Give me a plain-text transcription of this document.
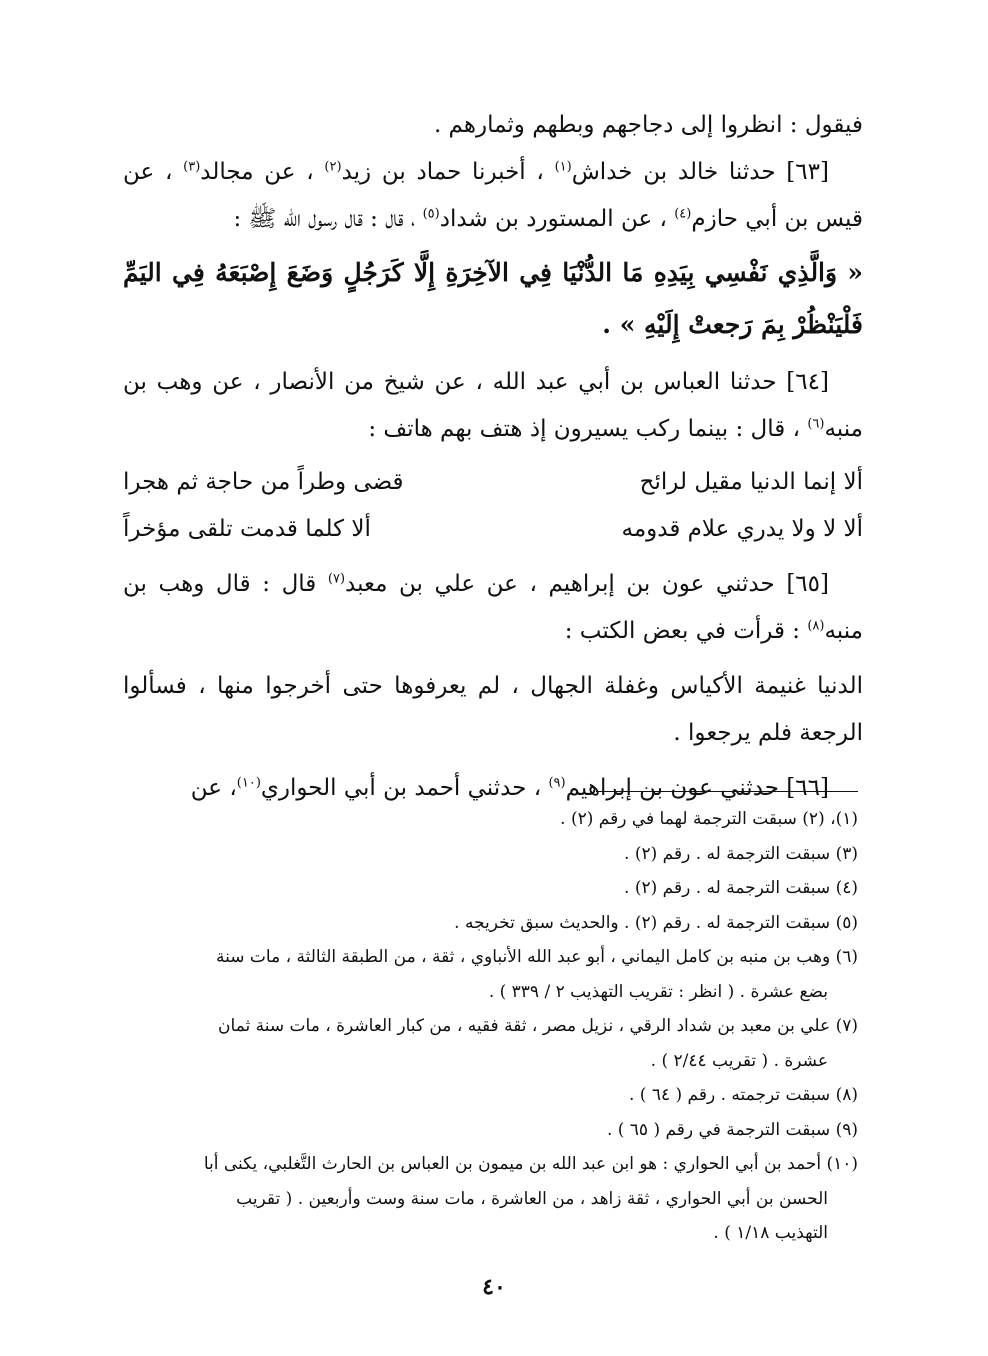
فيقول : انظروا إلى دجاجهم وبطهم وثمارهم .

[٦٣] حدثنا خالد بن خداش$^{(١)}$ ، أخبرنا حماد بن زيد$^{(٢)}$ ، عن مجالد$^{(٣)}$ ، عن قيس بن أبي حازم$^{(٤)}$ ، عن المستورد بن شداد$^{(٥)}$ ، قال : قال رسول الله ﷺ :

« وَالَّذِي نَفْسِي بِيَدِهِ مَا الدُّنْيَا فِي الآخِرَةِ إِلَّا كَرَجُلٍ وَضَعَ إِصْبَعَهُ فِي اليَمِّ فَلْيَنْظُرْ بِمَ رَجعتْ إِلَيْهِ » .

[٦٤] حدثنا العباس بن أبي عبد الله ، عن شيخ من الأنصار ، عن وهب بن منبه$^{(٦)}$ ، قال : بينما ركب يسيرون إذ هتف بهم هاتف :

ألا إنما الدنيا مقيل لرائح
قضى وطراً من حاجة ثم هجرا
ألا لا ولا يدري علام قدومه
ألا كلما قدمت تلقى مؤخراً

[٦٥] حدثني عون بن إبراهيم ، عن علي بن معبد$^{(٧)}$ قال : قال وهب بن منبه$^{(٨)}$ : قرأت في بعض الكتب :

الدنيا غنيمة الأكياس وغفلة الجهال ، لم يعرفوها حتى أخرجوا منها ، فسألوا الرجعة فلم يرجعوا .

[٦٦] حدثني عون بن إبراهيم$^{(٩)}$ ، حدثني أحمد بن أبي الحواري$^{(١٠)}$، عن

(١)، (٢) سبقت الترجمة لهما في رقم (٢) .

(٣) سبقت الترجمة له . رقم (٢) .

(٤) سبقت الترجمة له . رقم (٢) .

(٥) سبقت الترجمة له . رقم (٢) . والحديث سبق تخريجه .

(٦) وهب بن منبه بن كامل اليماني ، أبو عبد الله الأنباوي ، ثقة ، من الطبقة الثالثة ، مات سنة

بضع عشرة . ( انظر : تقريب التهذيب ٢ / ٣٣٩ ) .

(٧) علي بن معبد بن شداد الرقي ، نزيل مصر ، ثقة فقيه ، من كبار العاشرة ، مات سنة ثمان

عشرة . ( تقريب ٢/٤٤ ) .

(٨) سبقت ترجمته . رقم ( ٦٤ ) .

(٩) سبقت الترجمة في رقم ( ٦٥ ) .

(١٠) أحمد بن أبي الحواري : هو ابن عبد الله بن ميمون بن العباس بن الحارث التَّغلبي، يكنى أبا

الحسن بن أبي الحواري ، ثقة زاهد ، من العاشرة ، مات سنة وست وأربعين . ( تقريب

التهذيب ١/١٨ ) .

٤٠
